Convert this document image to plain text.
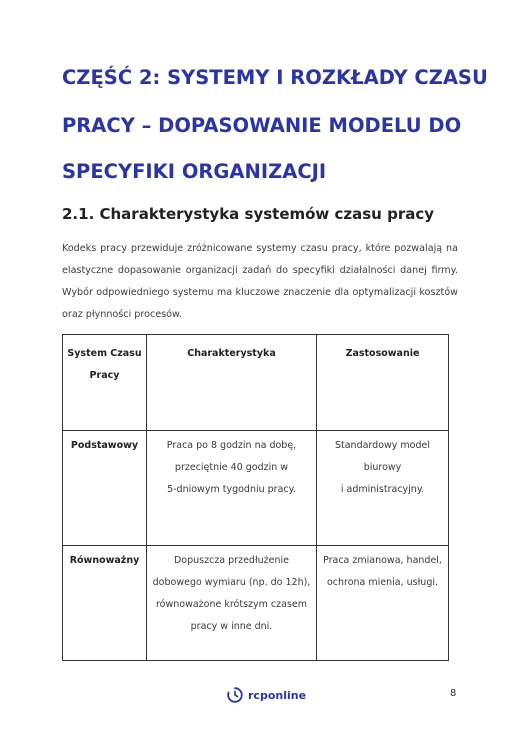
CZĘŚĆ 2: SYSTEMY I ROZKŁADY CZASU
PRACY – DOPASOWANIE MODELU DO
SPECYFIKI ORGANIZACJI
2.1. Charakterystyka systemów czasu pracy
Kodeks pracy przewiduje zróżnicowane systemy czasu pracy, które pozwalają na
elastyczne dopasowanie organizacji zadań do specyfiki działalności danej firmy.
Wybór odpowiedniego systemu ma kluczowe znaczenie dla optymalizacji kosztów
oraz płynności procesów.
System Czasu
Pracy	Charakterystyka	Zastosowanie

Podstawowy	Praca po 8 godzin na dobę,
przeciętnie 40 godzin w
5-dniowym tygodniu pracy.	Standardowy model
biurowy
i administracyjny.

Równoważny	Dopuszcza przedłużenie
dobowego wymiaru (np. do 12h),
równoważone krótszym czasem
pracy w inne dni.	Praca zmianowa, handel,
ochrona mienia, usługi.
rcponline	8
